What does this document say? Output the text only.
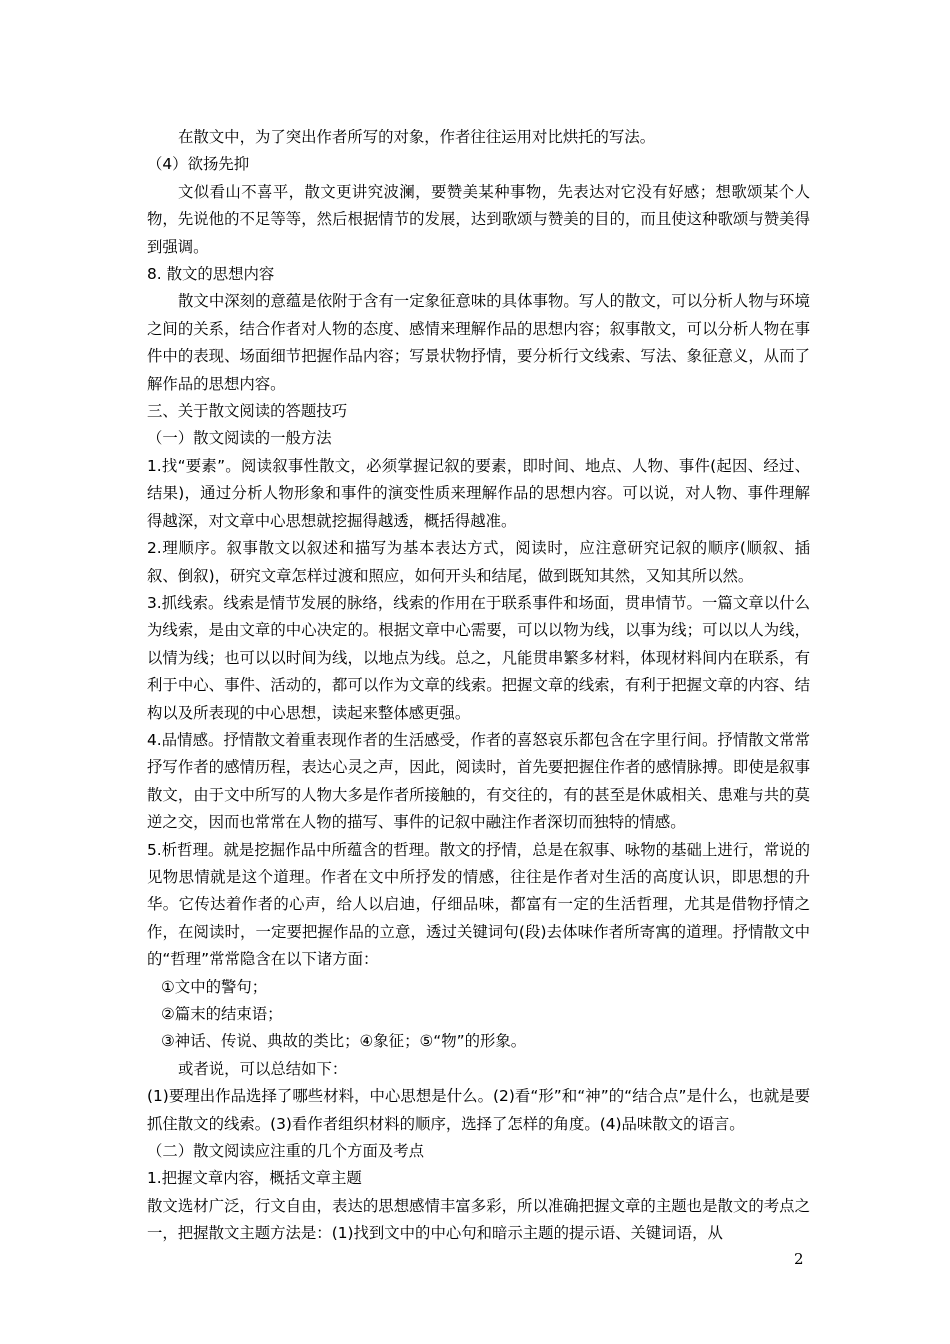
在散文中，为了突出作者所写的对象，作者往往运用对比烘托的写法。

（4）欲扬先抑

文似看山不喜平，散文更讲究波澜，要赞美某种事物，先表达对它没有好感；想歌颂某个人物，先说他的不足等等，然后根据情节的发展，达到歌颂与赞美的目的，而且使这种歌颂与赞美得到强调。

8. 散文的思想内容

散文中深刻的意蕴是依附于含有一定象征意味的具体事物。写人的散文，可以分析人物与环境之间的关系，结合作者对人物的态度、感情来理解作品的思想内容；叙事散文，可以分析人物在事件中的表现、场面细节把握作品内容；写景状物抒情，要分析行文线索、写法、象征意义，从而了解作品的思想内容。

三、关于散文阅读的答题技巧

（一）散文阅读的一般方法

1.找“要素”。阅读叙事性散文，必须掌握记叙的要素，即时间、地点、人物、事件(起因、经过、结果)，通过分析人物形象和事件的演变性质来理解作品的思想内容。可以说，对人物、事件理解得越深，对文章中心思想就挖掘得越透，概括得越准。

2.理顺序。叙事散文以叙述和描写为基本表达方式，阅读时，应注意研究记叙的顺序(顺叙、插叙、倒叙)，研究文章怎样过渡和照应，如何开头和结尾，做到既知其然，又知其所以然。

3.抓线索。线索是情节发展的脉络，线索的作用在于联系事件和场面，贯串情节。一篇文章以什么为线索，是由文章的中心决定的。根据文章中心需要，可以以物为线，以事为线；可以以人为线，以情为线；也可以以时间为线，以地点为线。总之，凡能贯串繁多材料，体现材料间内在联系，有利于中心、事件、活动的，都可以作为文章的线索。把握文章的线索，有利于把握文章的内容、结构以及所表现的中心思想，读起来整体感更强。

4.品情感。抒情散文着重表现作者的生活感受，作者的喜怒哀乐都包含在字里行间。抒情散文常常抒写作者的感情历程，表达心灵之声，因此，阅读时，首先要把握住作者的感情脉搏。即使是叙事散文，由于文中所写的人物大多是作者所接触的，有交往的，有的甚至是休戚相关、患难与共的莫逆之交，因而也常常在人物的描写、事件的记叙中融注作者深切而独特的情感。

5.析哲理。就是挖掘作品中所蕴含的哲理。散文的抒情，总是在叙事、咏物的基础上进行，常说的见物思情就是这个道理。作者在文中所抒发的情感，往往是作者对生活的高度认识，即思想的升华。它传达着作者的心声，给人以启迪，仔细品味，都富有一定的生活哲理，尤其是借物抒情之作，在阅读时，一定要把握作品的立意，透过关键词句(段)去体味作者所寄寓的道理。抒情散文中的“哲理”常常隐含在以下诸方面：

①文中的警句；

②篇末的结束语；

③神话、传说、典故的类比；④象征；⑤“物”的形象。

或者说，可以总结如下：

(1)要理出作品选择了哪些材料，中心思想是什么。(2)看“形”和“神”的“结合点”是什么，也就是要抓住散文的线索。(3)看作者组织材料的顺序，选择了怎样的角度。(4)品味散文的语言。

（二）散文阅读应注重的几个方面及考点

1.把握文章内容，概括文章主题

散文选材广泛，行文自由，表达的思想感情丰富多彩，所以准确把握文章的主题也是散文的考点之一，把握散文主题方法是：(1)找到文中的中心句和暗示主题的提示语、关键词语，从

2
